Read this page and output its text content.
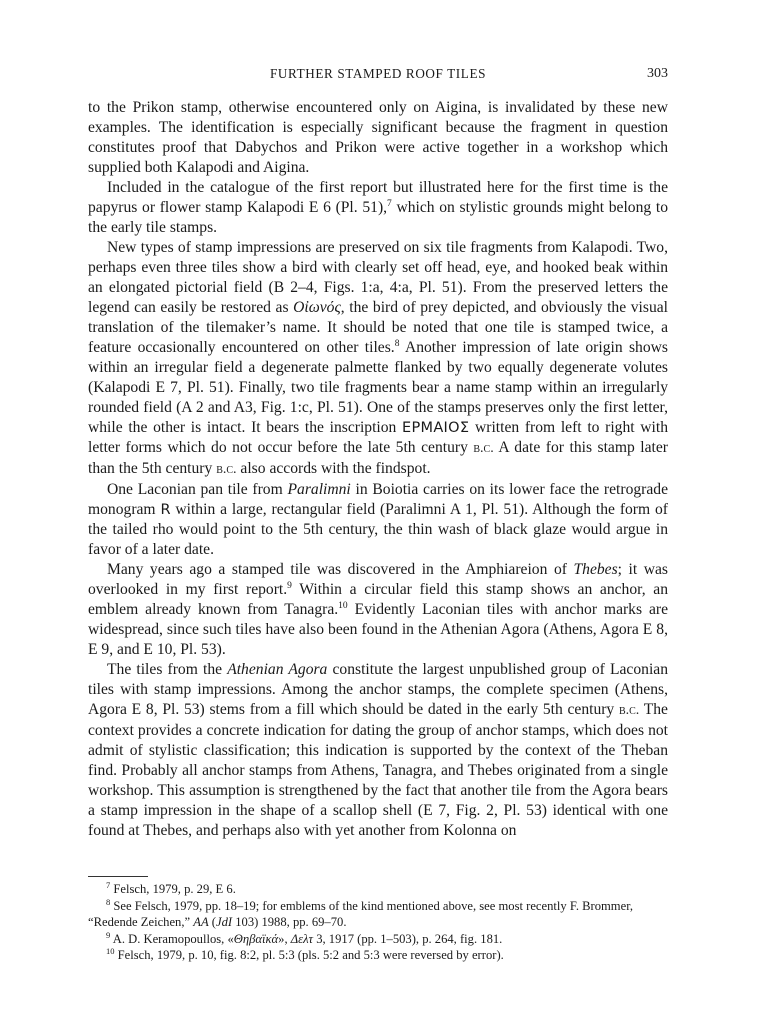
FURTHER STAMPED ROOF TILES	303

to the Prikon stamp, otherwise encountered only on Aigina, is invalidated by these new examples. The identification is especially significant because the fragment in question constitutes proof that Dabychos and Prikon were active together in a workshop which supplied both Kalapodi and Aigina.

Included in the catalogue of the first report but illustrated here for the first time is the papyrus or flower stamp Kalapodi E 6 (Pl. 51),$^7$ which on stylistic grounds might belong to the early tile stamps.

New types of stamp impressions are preserved on six tile fragments from Kalapodi. Two, perhaps even three tiles show a bird with clearly set off head, eye, and hooked beak within an elongated pictorial field (B 2–4, Figs. 1:a, 4:a, Pl. 51). From the preserved letters the legend can easily be restored as Οἰωνός, the bird of prey depicted, and obviously the visual translation of the tilemaker’s name. It should be noted that one tile is stamped twice, a feature occasionally encountered on other tiles.$^8$ Another impression of late origin shows within an irregular field a degenerate palmette flanked by two equally degenerate volutes (Kalapodi E 7, Pl. 51). Finally, two tile fragments bear a name stamp within an irregularly rounded field (A 2 and A3, Fig. 1:c, Pl. 51). One of the stamps preserves only the first letter, while the other is intact. It bears the inscription ΕΡΜΑΙΟΣ written from left to right with letter forms which do not occur before the late 5th century b.c. A date for this stamp later than the 5th century b.c. also accords with the findspot.

One Laconian pan tile from Paralimni in Boiotia carries on its lower face the retrograde monogram R within a large, rectangular field (Paralimni A 1, Pl. 51). Although the form of the tailed rho would point to the 5th century, the thin wash of black glaze would argue in favor of a later date.

Many years ago a stamped tile was discovered in the Amphiareion of Thebes; it was overlooked in my first report.$^9$ Within a circular field this stamp shows an anchor, an emblem already known from Tanagra.$^{10}$ Evidently Laconian tiles with anchor marks are widespread, since such tiles have also been found in the Athenian Agora (Athens, Agora E 8, E 9, and E 10, Pl. 53).

The tiles from the Athenian Agora constitute the largest unpublished group of Laconian tiles with stamp impressions. Among the anchor stamps, the complete specimen (Athens, Agora E 8, Pl. 53) stems from a fill which should be dated in the early 5th century b.c. The context provides a concrete indication for dating the group of anchor stamps, which does not admit of stylistic classification; this indication is supported by the context of the Theban find. Probably all anchor stamps from Athens, Tanagra, and Thebes originated from a single workshop. This assumption is strengthened by the fact that another tile from the Agora bears a stamp impression in the shape of a scallop shell (E 7, Fig. 2, Pl. 53) identical with one found at Thebes, and perhaps also with yet another from Kolonna on

$^7$ Felsch, 1979, p. 29, E 6.

$^8$ See Felsch, 1979, pp. 18–19; for emblems of the kind mentioned above, see most recently F. Brommer, “Redende Zeichen,” AA (JdI 103) 1988, pp. 69–70.

$^9$ A. D. Keramopoullos, «Θηβαϊκά», Δελτ 3, 1917 (pp. 1–503), p. 264, fig. 181.

$^{10}$ Felsch, 1979, p. 10, fig. 8:2, pl. 5:3 (pls. 5:2 and 5:3 were reversed by error).
